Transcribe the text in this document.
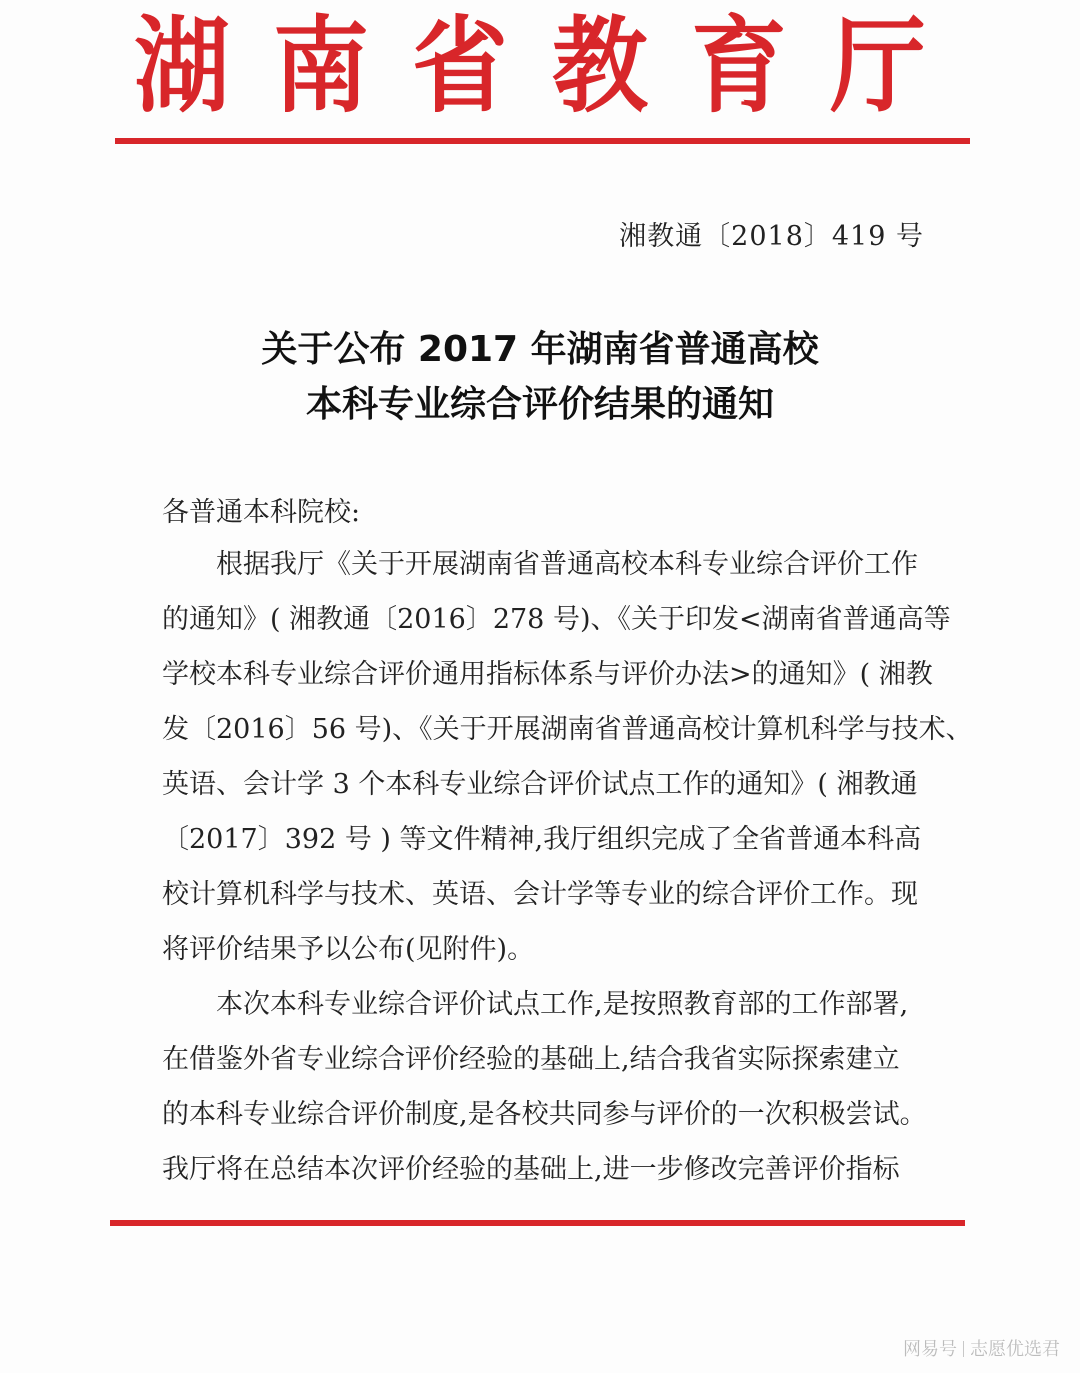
湖 南 省 教 育 厅
湘教通〔2018〕419 号
关于公布 2017 年湖南省普通高校
本科专业综合评价结果的通知
各普通本科院校:
根据我厅《关于开展湖南省普通高校本科专业综合评价工作
的通知》( 湘教通〔2016〕278 号)、《关于印发<湖南省普通高等
学校本科专业综合评价通用指标体系与评价办法>的通知》( 湘教
发〔2016〕56 号)、《关于开展湖南省普通高校计算机科学与技术、
英语、会计学 3 个本科专业综合评价试点工作的通知》( 湘教通
〔2017〕392 号 ) 等文件精神,我厅组织完成了全省普通本科高
校计算机科学与技术、英语、会计学等专业的综合评价工作。现
将评价结果予以公布(见附件)。
本次本科专业综合评价试点工作,是按照教育部的工作部署,
在借鉴外省专业综合评价经验的基础上,结合我省实际探索建立
的本科专业综合评价制度,是各校共同参与评价的一次积极尝试。
我厅将在总结本次评价经验的基础上,进一步修改完善评价指标
网易号 志愿优选君
